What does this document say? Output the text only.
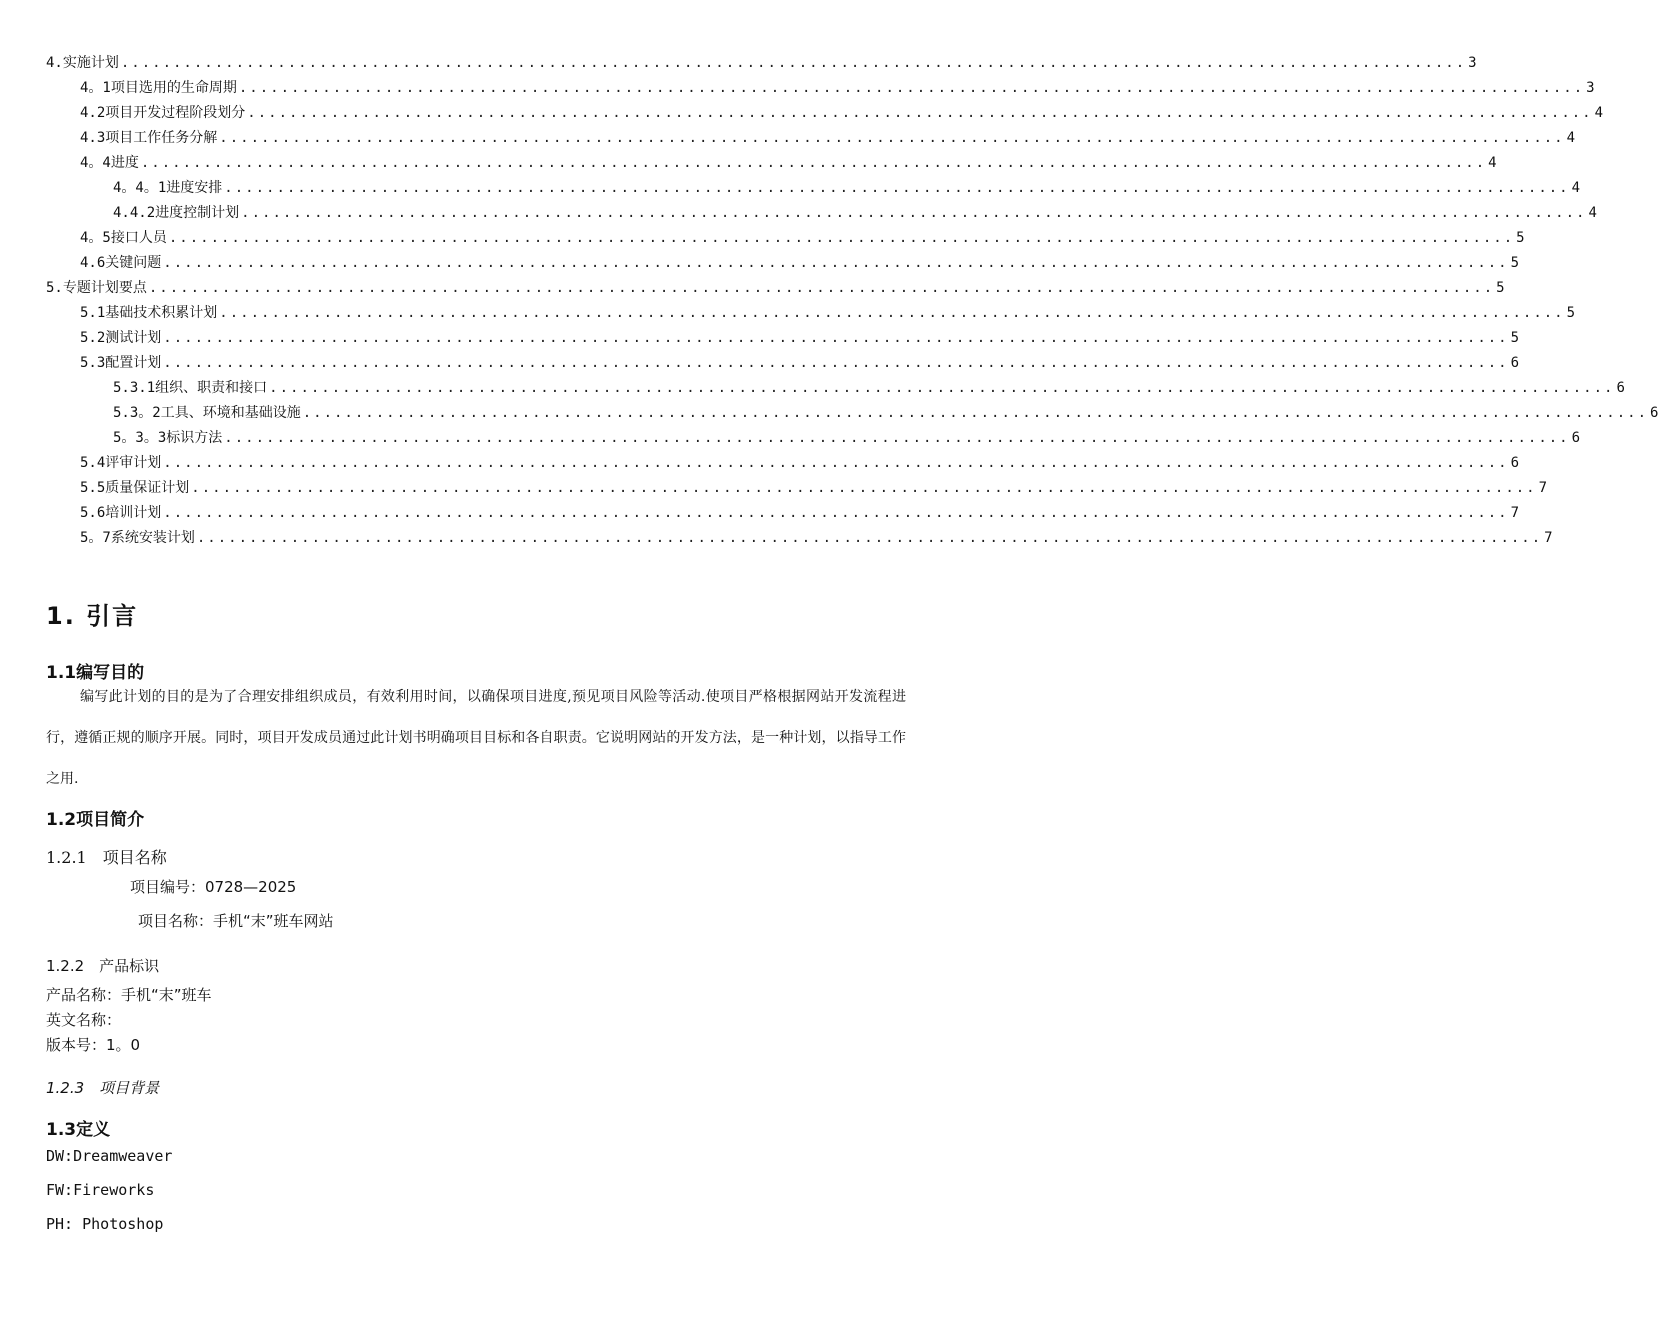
4. 实施计划 ................................................................................................................................. 3
4。1 项目选用的生命周期 ................................................................................................................................. 3
4.2 项目开发过程阶段划分 ................................................................................................................................. 4
4.3 项目工作任务分解 ................................................................................................................................. 4
4。4 进度 ................................................................................................................................. 4
4。4。1 进度安排 ................................................................................................................................. 4
4.4.2 进度控制计划 ................................................................................................................................. 4
4。5 接口人员 ................................................................................................................................. 5
4.6 关键问题 ................................................................................................................................. 5
5. 专题计划要点 ................................................................................................................................. 5
5.1 基础技术积累计划 ................................................................................................................................. 5
5.2 测试计划 ................................................................................................................................. 5
5.3 配置计划 ................................................................................................................................. 6
5.3.1 组织、职责和接口 ................................................................................................................................. 6
5.3。2 工具、环境和基础设施 ................................................................................................................................. 6
5。3。3 标识方法 ................................................................................................................................. 6
5.4 评审计划 ................................................................................................................................. 6
5.5 质量保证计划 ................................................................................................................................. 7
5.6 培训计划 ................................................................................................................................. 7
5。7 系统安装计划 ................................................................................................................................. 7
1. 引言
1.1编写目的
编写此计划的目的是为了合理安排组织成员，有效利用时间，以确保项目进度,预见项目风险等活动.使项目严格根据网站开发流程进行，遵循正规的顺序开展。同时，项目开发成员通过此计划书明确项目目标和各自职责。它说明网站的开发方法，是一种计划，以指导工作之用.
1.2项目简介
1.2.1　项目名称
项目编号：0728—2025
项目名称：手机“末”班车网站
1.2.2　产品标识
产品名称：手机“末”班车
英文名称：
版本号：1。0
1.2.3　项目背景
1.3定义
DW:Dreamweaver
FW:Fireworks
PH: Photoshop
